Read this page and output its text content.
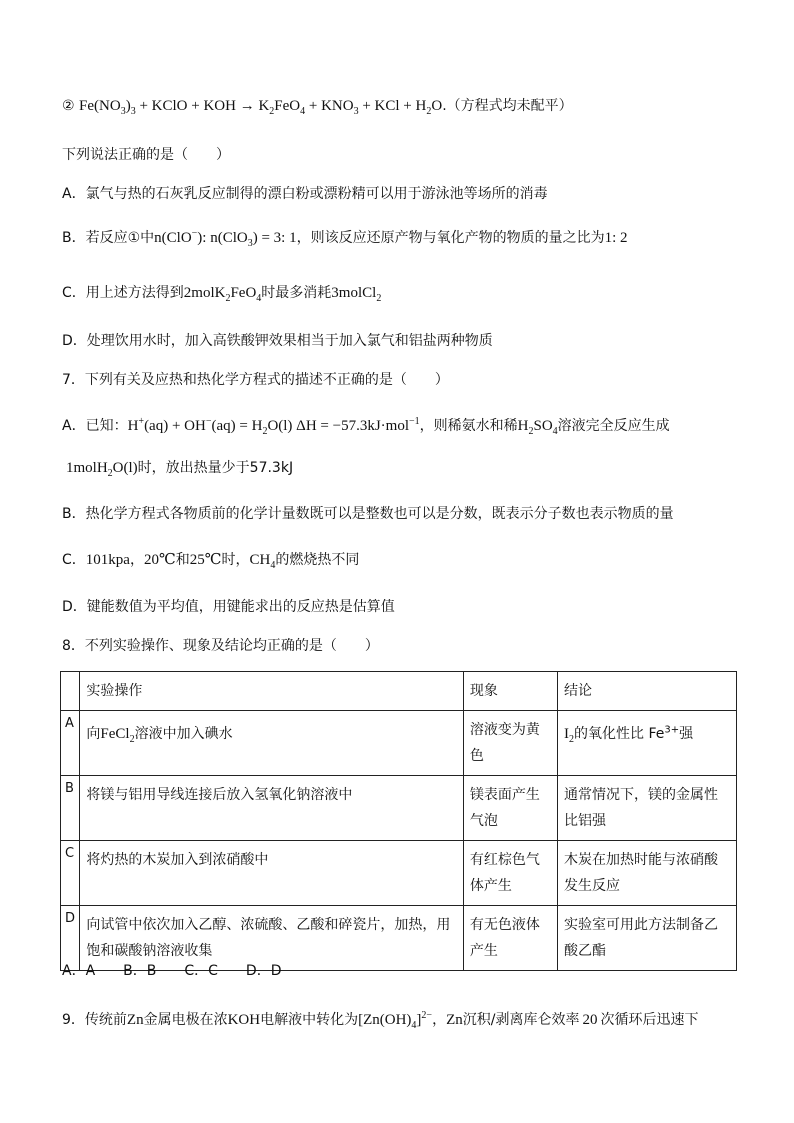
② $Fe(NO_3)_3$ + KClO + KOH → $K_2FeO_4 + KNO_3$ + KCl + $H_2O$.（方程式均未配平）
下列说法正确的是（　　）
A．氯气与热的石灰乳反应制得的漂白粉或漂粉精可以用于游泳池等场所的消毒
B．若反应①中n(ClO−): n(ClO$_3$) = 3: 1，则该反应还原产物与氧化产物的物质的量之比为1: 2
C．用上述方法得到2molK$_2$FeO$_4$时最多消耗3molCl$_2$
D．处理饮用水时，加入高铁酸钾效果相当于加入氯气和铝盐两种物质
7．下列有关及应热和热化学方程式的描述不正确的是（　　）
A．已知：$H^+(aq) + OH^-(aq) = H_2O(l) \Delta H = -57.3kJ\cdot mol^{-1}$，则稀氨水和稀$H_2SO_4$溶液完全反应生成
1molH$_2$O(l)时，放出热量少于57.3kJ
B．热化学方程式各物质前的化学计量数既可以是整数也可以是分数，既表示分子数也表示物质的量
C．101kpa，20℃和25℃时，$CH_4$的燃烧热不同
D．键能数值为平均值，用键能求出的反应热是估算值
8．不列实验操作、现象及结论均正确的是（　　）
	实验操作	现象	结论
A	向FeCl$_2$溶液中加入碘水	溶液变为黄色	$I_2$的氧化性比 $Fe^{3+}$强
B	将镁与铝用导线连接后放入氢氧化钠溶液中	镁表面产生气泡	通常情况下，镁的金属性比铝强
C	将灼热的木炭加入到浓硝酸中	有红棕色气体产生	木炭在加热时能与浓硝酸发生反应
D	向试管中依次加入乙醇、浓硫酸、乙酸和碎瓷片，加热，用饱和碳酸钠溶液收集	有无色液体产生	实验室可用此方法制备乙酸乙酯
A．A　　B．B　　C．C　　D．D
9．传统前Zn金属电极在浓KOH电解液中转化为$[Zn(OH)_4]^{2-}$，Zn沉积/剥离库仑效率 20 次循环后迅速下
